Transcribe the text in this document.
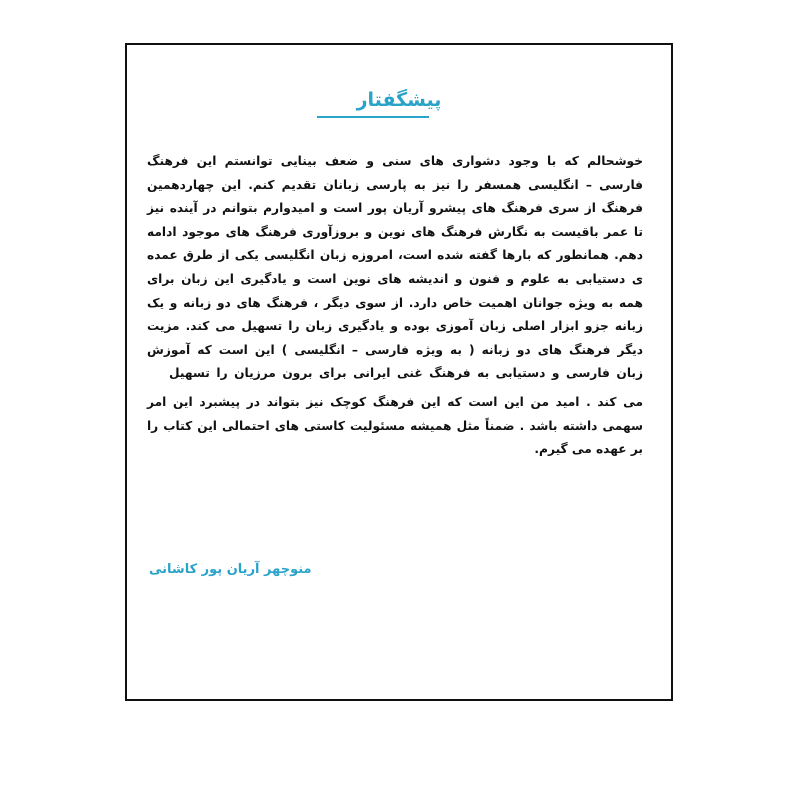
پیشگفتار
خوشحالم که با وجود دشواری های سنی و ضعف بینایی توانستم این فرهنگ
فارسی – انگلیسی همسفر را نیز به پارسی زبانان تقدیم کنم. این چهاردهمین
فرهنگ از سری فرهنگ های پیشرو آریان پور است و امیدوارم بتوانم در آینده نیز
تا عمر باقیست به نگارش فرهنگ های نوین و بروزآوری فرهنگ های موجود ادامه
دهم. همانطور که بارها گفته شده است، امروزه زبان انگلیسی یکی از طرق عمده
ی دستیابی به علوم و فنون و اندیشه های نوین است و یادگیری این زبان برای
همه به ویژه جوانان اهمیت خاص دارد. از سوی دیگر ، فرهنگ های دو زبانه و یک
زبانه جزو ابزار اصلی زبان آموزی بوده و یادگیری زبان را تسهیل می کند. مزیت
دیگر فرهنگ های دو زبانه ( به ویژه فارسی – انگلیسی ) این است که آموزش
زبان فارسی و دستیابی به فرهنگ غنی ایرانی برای برون مرزیان را تسهیل
می کند . امید من این است که این فرهنگ کوچک نیز بتواند در پیشبرد این امر
سهمی داشته باشد . ضمناً مثل همیشه مسئولیت کاستی های احتمالی این کتاب را
بر عهده می گیرم.
منوچهر آریان پور کاشانی
